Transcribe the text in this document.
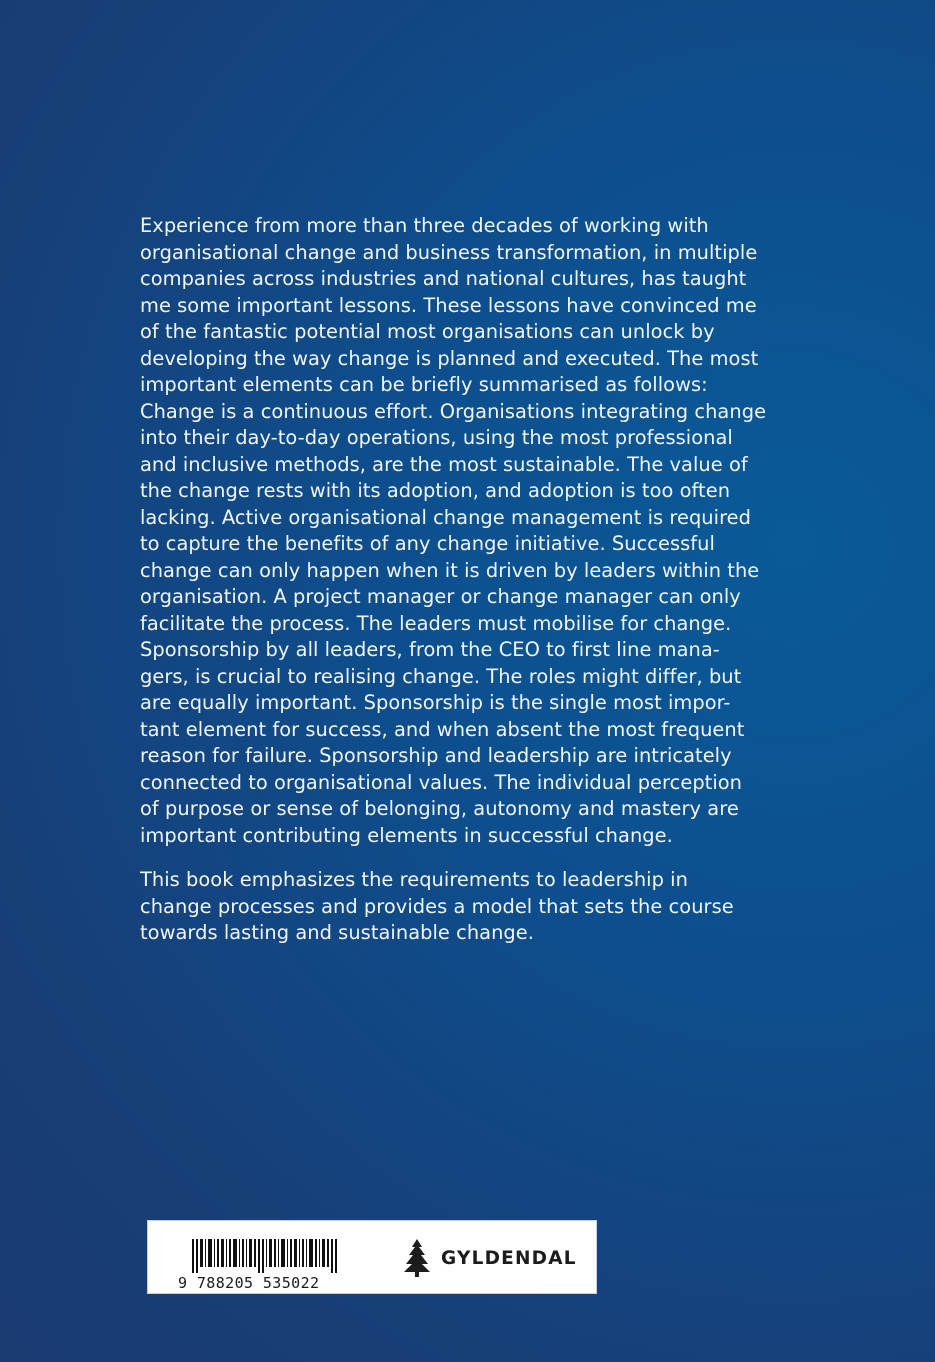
Experience from more than three decades of working with
organisational change and business transformation, in multiple
companies across industries and national cultures, has taught
me some important lessons. These lessons have convinced me
of the fantastic potential most organisations can unlock by
developing the way change is planned and executed. The most
important elements can be briefly summarised as follows:
Change is a continuous effort. Organisations integrating change
into their day-to-day operations, using the most professional
and inclusive methods, are the most sustainable. The value of
the change rests with its adoption, and adoption is too often
lacking. Active organisational change management is required
to capture the benefits of any change initiative. Successful
change can only happen when it is driven by leaders within the
organisation. A project manager or change manager can only
facilitate the process. The leaders must mobilise for change.
Sponsorship by all leaders, from the CEO to first line mana-
gers, is crucial to realising change. The roles might differ, but
are equally important. Sponsorship is the single most impor-
tant element for success, and when absent the most frequent
reason for failure. Sponsorship and leadership are intricately
connected to organisational values. The individual perception
of purpose or sense of belonging, autonomy and mastery are
important contributing elements in successful change.

This book emphasizes the requirements to leadership in
change processes and provides a model that sets the course
towards lasting and sustainable change.

9 788205 535022
GYLDENDAL
